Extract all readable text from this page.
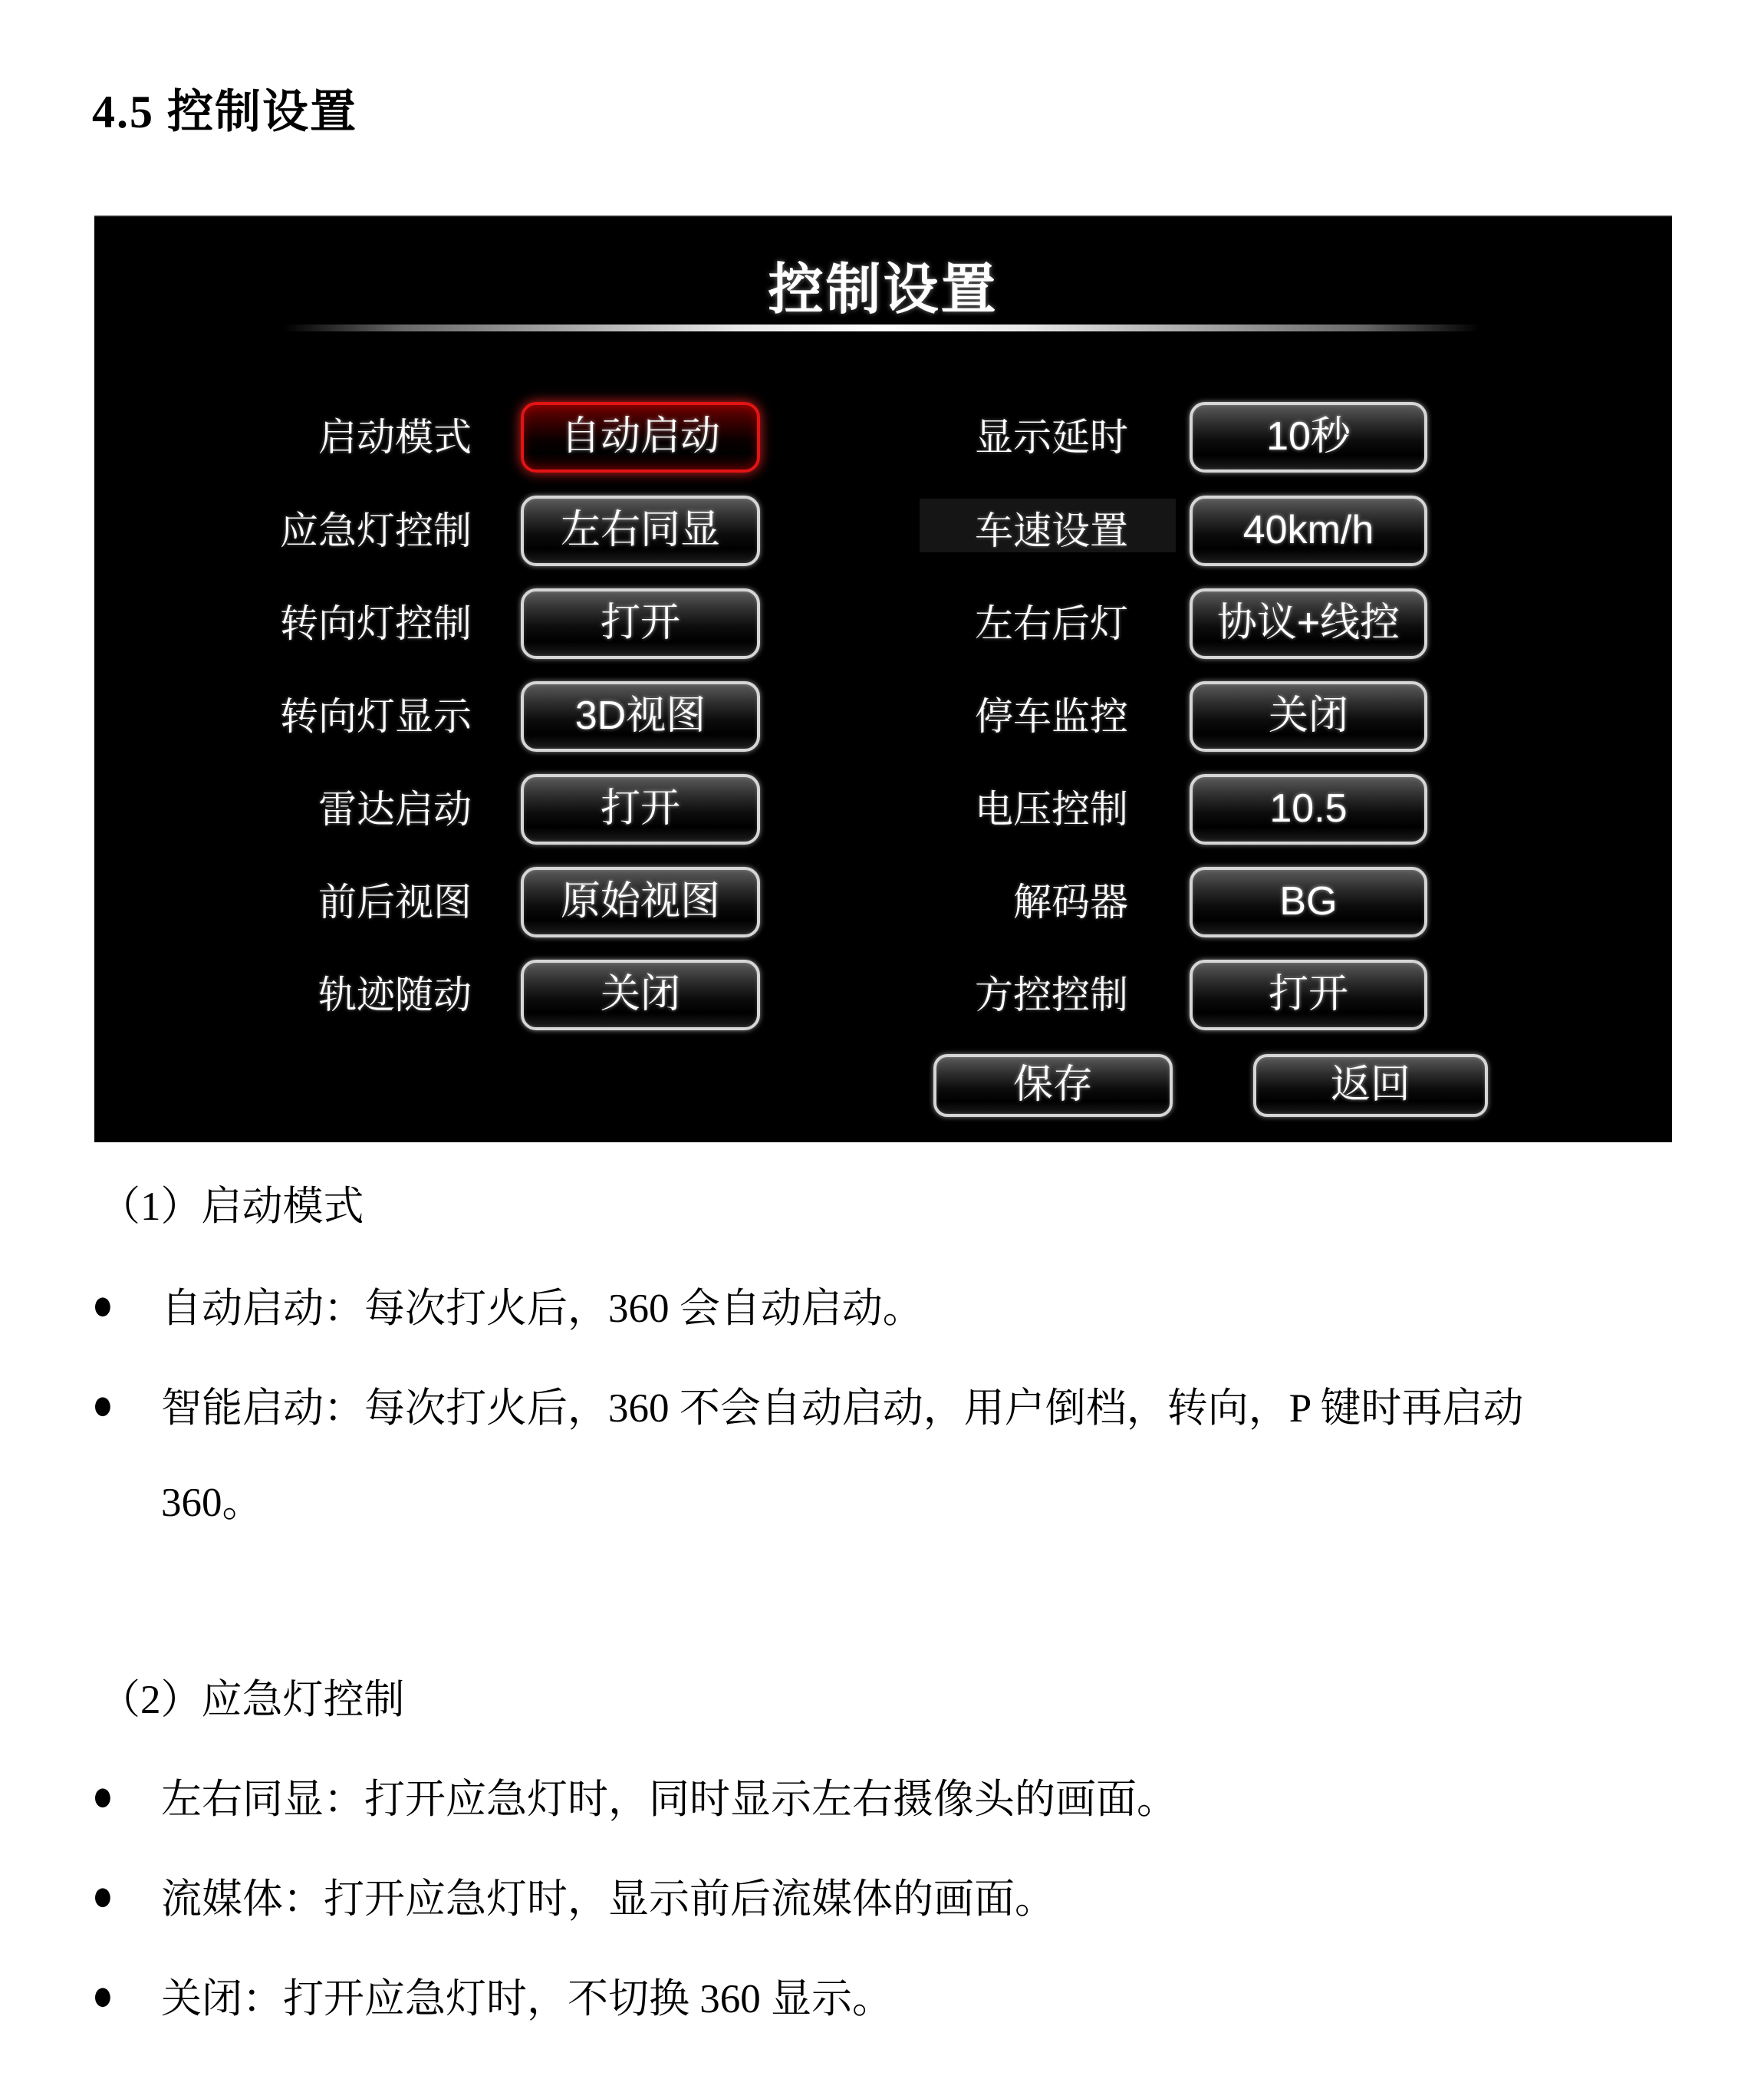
4.5 控制设置
控制设置
启动模式	自动启动	显示延时	10秒
应急灯控制	左右同显	车速设置	40km/h
转向灯控制	打开	左右后灯	协议+线控
转向灯显示	3D视图	停车监控	关闭
雷达启动	打开	电压控制	10.5
前后视图	原始视图	解码器	BG
轨迹随动	关闭	方控控制	打开
保存	返回
（1）启动模式
●	自动启动：每次打火后，360 会自动启动。
●	智能启动：每次打火后，360 不会自动启动，用户倒档，转向，P 键时再启动
360。
（2）应急灯控制
●	左右同显：打开应急灯时，同时显示左右摄像头的画面。
●	流媒体：打开应急灯时，显示前后流媒体的画面。
●	关闭：打开应急灯时，不切换 360 显示。
